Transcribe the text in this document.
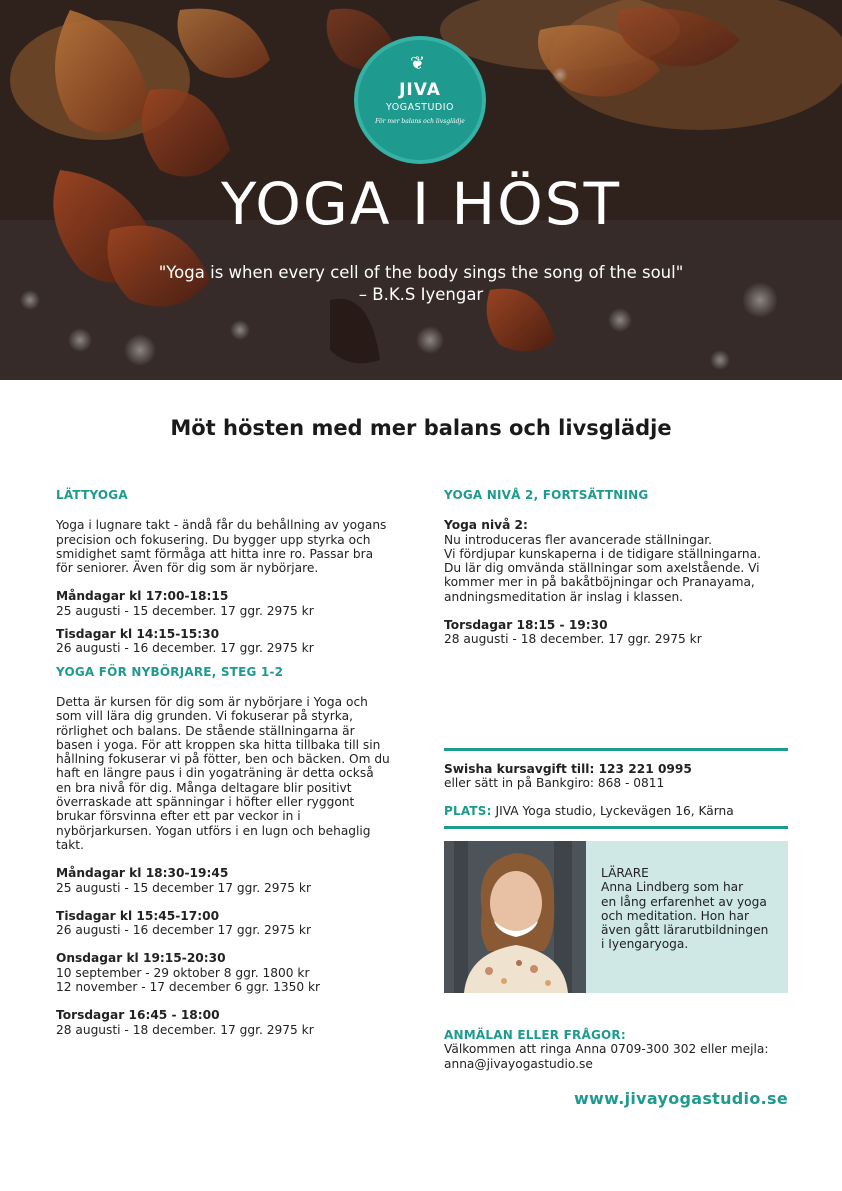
❦
JIVA
YOGASTUDIO
För mer balans och livsglädje
YOGA I HÖST
"Yoga is when every cell of the body sings the song of the soul"
– B.K.S Iyengar
Möt hösten med mer balans och livsglädje

LÄTTYOGA

Yoga i lugnare takt - ändå får du behållning av yogans

precision och fokusering. Du bygger upp styrka och

smidighet samt förmåga att hitta inre ro. Passar bra

för seniorer. Även för dig som är nybörjare.

Måndagar kl 17:00-18:15

25 augusti - 15 december. 17 ggr. 2975 kr

Tisdagar kl 14:15-15:30

26 augusti - 16 december. 17 ggr. 2975 kr

YOGA FÖR NYBÖRJARE, STEG 1-2

Detta är kursen för dig som är nybörjare i Yoga och

som vill lära dig grunden. Vi fokuserar på styrka,

rörlighet och balans. De stående ställningarna är

basen i yoga. För att kroppen ska hitta tillbaka till sin

hållning fokuserar vi på fötter, ben och bäcken. Om du

haft en längre paus i din yogaträning är detta också

en bra nivå för dig. Många deltagare blir positivt

överraskade att spänningar i höfter eller ryggont

brukar försvinna efter ett par veckor in i

nybörjarkursen. Yogan utförs i en lugn och behaglig

takt.

Måndagar kl 18:30-19:45

25 augusti - 15 december 17 ggr. 2975 kr

Tisdagar kl 15:45-17:00

26 augusti - 16 december 17 ggr. 2975 kr

Onsdagar kl 19:15-20:30

10 september - 29 oktober 8 ggr. 1800 kr

12 november - 17 december 6 ggr. 1350 kr

Torsdagar 16:45 - 18:00

28 augusti - 18 december. 17 ggr. 2975 kr

YOGA NIVÅ 2, FORTSÄTTNING

Yoga nivå 2:

Nu introduceras fler avancerade ställningar.

Vi fördjupar kunskaperna i de tidigare ställningarna.

Du lär dig omvända ställningar som axelstående. Vi

kommer mer in på bakåtböjningar och Pranayama,

andningsmeditation är inslag i klassen.

Torsdagar 18:15 - 19:30

28 augusti - 18 december. 17 ggr. 2975 kr

Swisha kursavgift till: 123 221 0995

eller sätt in på Bankgiro: 868 - 0811

PLATS: JIVA Yoga studio, Lyckevägen 16, Kärna

LÄRARE

Anna Lindberg som har

en lång erfarenhet av yoga

och meditation. Hon har

även gått lärarutbildningen

i Iyengaryoga.

ANMÄLAN ELLER FRÅGOR:

Välkommen att ringa Anna 0709-300 302 eller mejla:

anna@jivayogastudio.se

www.jivayogastudio.se
